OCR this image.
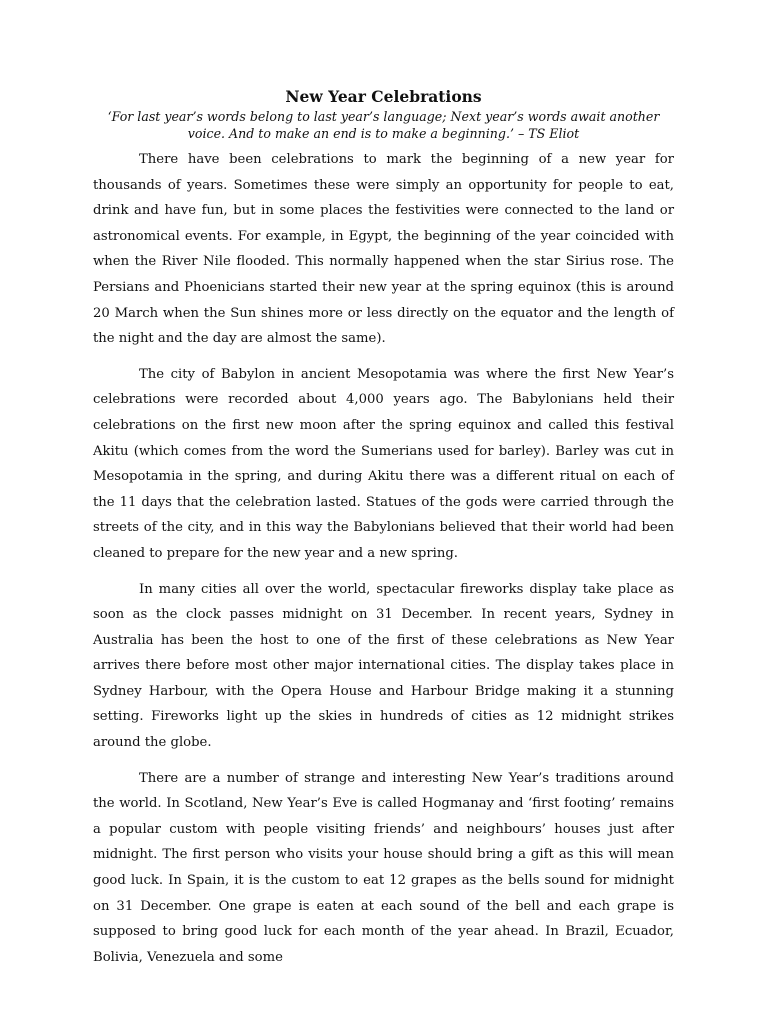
New Year Celebrations

‘For last year’s words belong to last year’s language; Next year’s words await another voice. And to make an end is to make a beginning.’ – TS Eliot

There have been celebrations to mark the beginning of a new year for thousands of years. Sometimes these were simply an opportunity for people to eat, drink and have fun, but in some places the festivities were connected to the land or astronomical events. For example, in Egypt, the beginning of the year coincided with when the River Nile flooded. This normally happened when the star Sirius rose. The Persians and Phoenicians started their new year at the spring equinox (this is around 20 March when the Sun shines more or less directly on the equator and the length of the night and the day are almost the same).

The city of Babylon in ancient Mesopotamia was where the first New Year’s celebrations were recorded about 4,000 years ago. The Babylonians held their celebrations on the first new moon after the spring equinox and called this festival Akitu (which comes from the word the Sumerians used for barley). Barley was cut in Mesopotamia in the spring, and during Akitu there was a different ritual on each of the 11 days that the celebration lasted. Statues of the gods were carried through the streets of the city, and in this way the Babylonians believed that their world had been cleaned to prepare for the new year and a new spring.

In many cities all over the world, spectacular fireworks display take place as soon as the clock passes midnight on 31 December. In recent years, Sydney in Australia has been the host to one of the first of these celebrations as New Year arrives there before most other major international cities. The display takes place in Sydney Harbour, with the Opera House and Harbour Bridge making it a stunning setting. Fireworks light up the skies in hundreds of cities as 12 midnight strikes around the globe.

There are a number of strange and interesting New Year’s traditions around the world. In Scotland, New Year’s Eve is called Hogmanay and ‘first footing’ remains a popular custom with people visiting friends’ and neighbours’ houses just after midnight. The first person who visits your house should bring a gift as this will mean good luck. In Spain, it is the custom to eat 12 grapes as the bells sound for midnight on 31 December. One grape is eaten at each sound of the bell and each grape is supposed to bring good luck for each month of the year ahead. In Brazil, Ecuador, Bolivia, Venezuela and some
